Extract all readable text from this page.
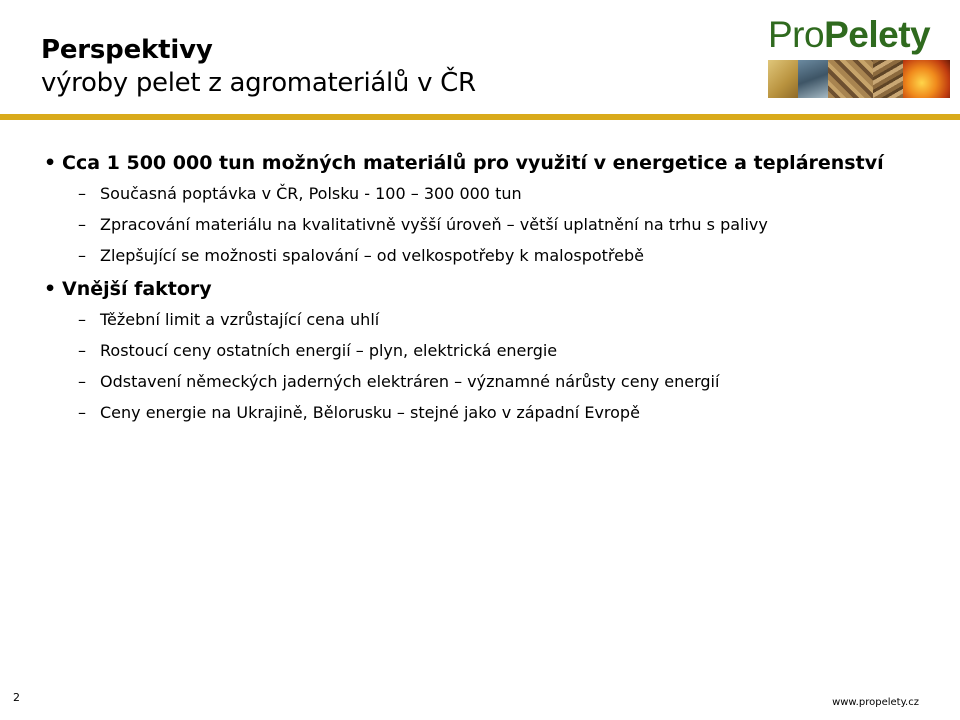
Perspektivy
výroby pelet z agromateriálů v ČR
ProPelety
• Cca 1 500 000 tun možných materiálů pro využití v energetice a teplárenství
– Současná poptávka v ČR, Polsku - 100 – 300 000 tun
– Zpracování materiálu na kvalitativně vyšší úroveň – větší uplatnění na trhu s palivy
– Zlepšující se možnosti spalování – od velkospotřeby k malospotřebě
• Vnější faktory
– Těžební limit a vzrůstající cena uhlí
– Rostoucí ceny ostatních energií – plyn, elektrická energie
– Odstavení německých jaderných elektráren – významné nárůsty ceny energií
– Ceny energie na Ukrajině, Bělorusku – stejné jako v západní Evropě
2	www.propelety.cz
